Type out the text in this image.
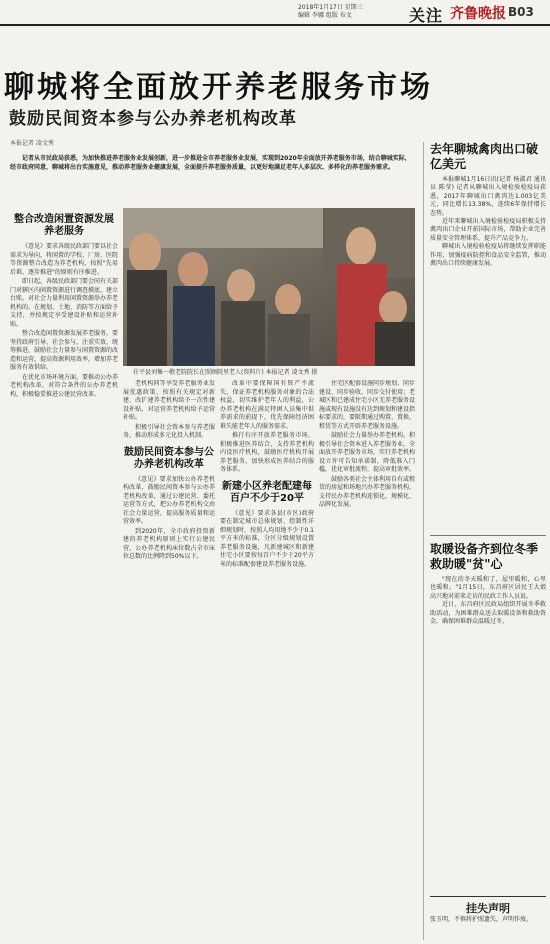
2018年1月17日 星期三
编辑 李娜 组版 布文	关注 齐鲁晚报 B03
聊城将全面放开养老服务市场
鼓励民间资本参与公办养老机构改革
本报记者 凌文秀
记者从市民政局获悉，为加快推进养老服务业发展创新，进一步推进全市养老服务业发展，实现到2020年全面放开养老服务市场，结合聊城实际，经市政府同意，聊城将出台实施意见，推动养老服务业健康发展，全面提升养老服务质量，以更好地满足老年人多层次、多样化的养老服务需求。
整合改造闲置资源发展养老服务

《意见》要求各级民政部门要以社会需求为导向，将闲置的学校、厂房、医院等资源整合改造为养老机构，按照"先易后难、逐步推进"的原则有序推进。

即日起，各级民政部门要会同有关部门对辖区内闲置资源进行调查摸底，建立台账。对社会力量利用闲置资源举办养老机构的，在规划、土地、消防等方面给予支持，并按规定享受建设补贴和运营补贴。

整合改造闲置资源发展养老服务，要坚持政府引导、社会参与，注重实效，统筹推进，鼓励社会力量参与闲置资源的改造和运营，提高资源利用效率，增加养老服务有效供给。

在优化市场环境方面，要推动公办养老机构改革，对符合条件的公办养老机构，积极稳妥推进公建民营改革。

茌平县刘集一敬老院院长在照顾院里老人(资料片) 本报记者 凌文秀 摄

老机构同等享受养老服务业发展优惠政策，按照有关规定对新建、改扩建养老机构给予一次性建设补贴，对运营养老机构给予运营补贴。

积极引导社会资本参与养老服务，推动形成多元化投入机制。

鼓励民间资本参与公办养老机构改革

《意见》要求加快公办养老机构改革，鼓励民间资本参与公办养老机构改革，通过公建民营、委托运营等方式，把公办养老机构交由社会力量运营，提高服务质量和运营效率。

到2020年，全市政府投资新建的养老机构原则上实行公建民营，公办养老机构床位数占全市床位总数的比例降到50%以下。

改革中要保障国有资产不流失，保证养老机构服务对象的合法权益，切实维护老年人的利益，公办养老机构在满足特困人员集中供养需求的前提下，优先保障经济困难失能老年人的服务需求。

推行有序开放养老服务市场，积极推进医养结合，支持养老机构内设医疗机构，鼓励医疗机构开展养老服务，加快形成医养结合的服务体系。

新建小区养老配建每百户不少于20平

《意见》要求各县(市区)政府要在制定城市总体规划、控制性详细规划时，按照人均用地不少于0.1平方米的标准，分区分级规划设置养老服务设施，凡新建城区和新建住宅小区要按每百户不少于20平方米的标准配套建设养老服务设施。

住宅区配套设施同步规划、同步建设、同步验收、同步交付使用；老城区和已建成住宅小区无养老服务设施或现有设施没有达到规划和建设指标要求的，要限期通过购置、置换、租赁等方式开辟养老服务设施。

鼓励社会力量举办养老机构，积极引导社会资本进入养老服务业，全面放开养老服务市场，实行养老机构设立许可告知承诺制，降低准入门槛，优化审批流程，提高审批效率。

鼓励各类社会主体利用自有或租赁的房屋和场地兴办养老服务机构，支持民办养老机构连锁化、规模化、品牌化发展。

去年聊城禽肉出口破亿美元

本报聊城1月16日讯(记者 杨淑君 通讯员 陈莹) 记者从聊城出入境检验检疫局获悉，2017年聊城出口禽肉达1.003亿美元，同比增长13.38%，连续6年保持增长态势。

近年来聊城出入境检验检疫局积极支持禽肉出口企业开拓国际市场，帮助企业完善质量安全管理体系，提升产品竞争力。

聊城出入境检验检疫局将继续发挥职能作用，加强疫病防控和食品安全监管，推动禽肉出口持续健康发展。

取暖设备齐到位冬季救助暖"贫"心

"现在的冬天暖和了，屋里暖和，心里也暖和。"1月15日，东昌府区居民王大娘高兴地对前来走访的民政工作人员说。

近日，东昌府区民政局组织开展冬季救助活动，为困难群众送去取暖设备和救助资金，确保困难群众温暖过冬。

挂失声明
张玉明，不慎将护照遗失，声明作废。
